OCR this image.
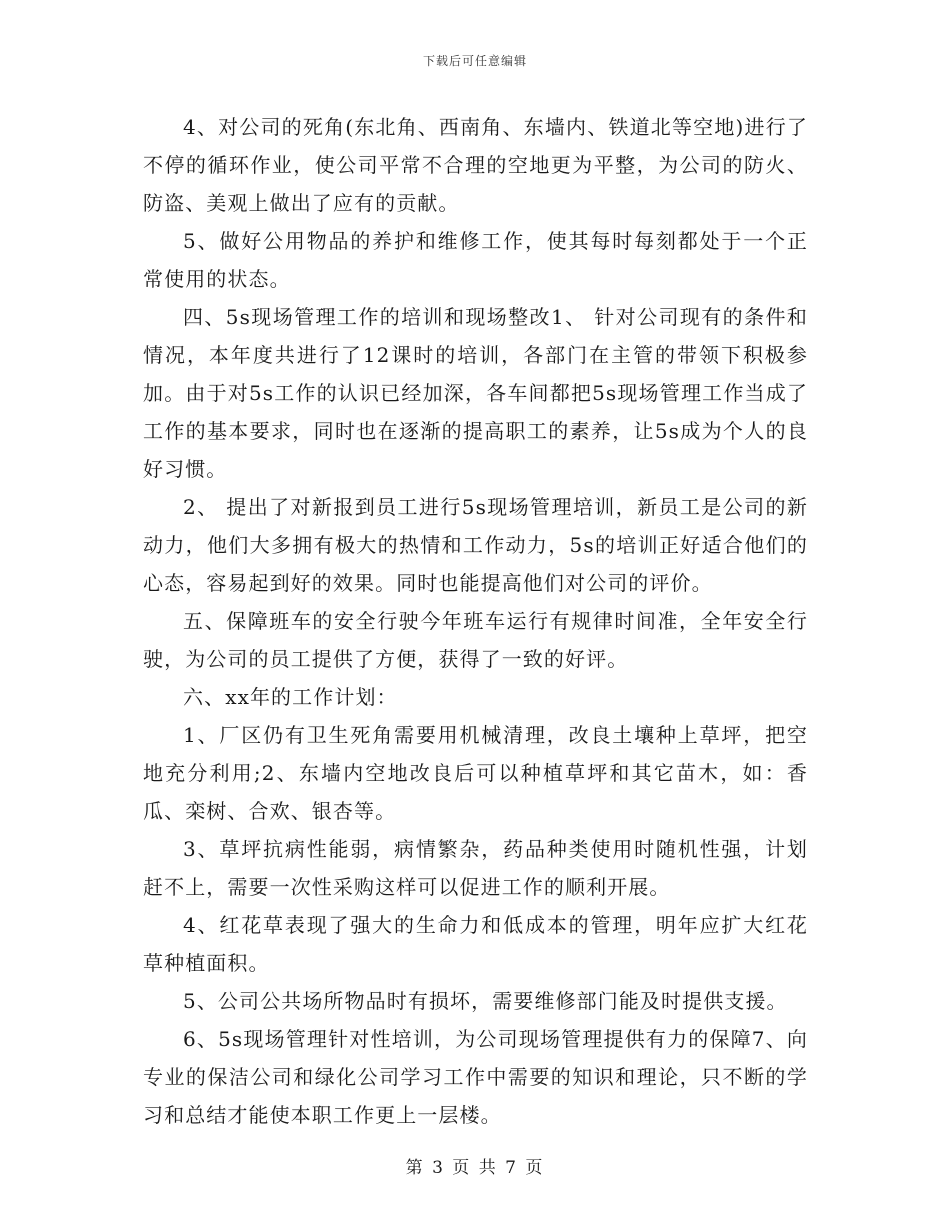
下载后可任意编辑

4、对公司的死角(东北角、西南角、东墙内、铁道北等空地)进行了不停的循环作业，使公司平常不合理的空地更为平整，为公司的防火、防盗、美观上做出了应有的贡献。

5、做好公用物品的养护和维修工作，使其每时每刻都处于一个正常使用的状态。

四、5s现场管理工作的培训和现场整改1、 针对公司现有的条件和情况，本年度共进行了12课时的培训，各部门在主管的带领下积极参加。由于对5s工作的认识已经加深，各车间都把5s现场管理工作当成了工作的基本要求，同时也在逐渐的提高职工的素养，让5s成为个人的良好习惯。

2、 提出了对新报到员工进行5s现场管理培训，新员工是公司的新动力，他们大多拥有极大的热情和工作动力，5s的培训正好适合他们的心态，容易起到好的效果。同时也能提高他们对公司的评价。

五、保障班车的安全行驶今年班车运行有规律时间准，全年安全行驶，为公司的员工提供了方便，获得了一致的好评。

六、xx年的工作计划：

1、厂区仍有卫生死角需要用机械清理，改良土壤种上草坪，把空地充分利用;2、东墙内空地改良后可以种植草坪和其它苗木，如：香瓜、栾树、合欢、银杏等。

3、草坪抗病性能弱，病情繁杂，药品种类使用时随机性强，计划赶不上，需要一次性采购这样可以促进工作的顺利开展。

4、红花草表现了强大的生命力和低成本的管理，明年应扩大红花草种植面积。

5、公司公共场所物品时有损坏，需要维修部门能及时提供支援。

6、5s现场管理针对性培训，为公司现场管理提供有力的保障7、向专业的保洁公司和绿化公司学习工作中需要的知识和理论，只不断的学习和总结才能使本职工作更上一层楼。

第 3 页 共 7 页
